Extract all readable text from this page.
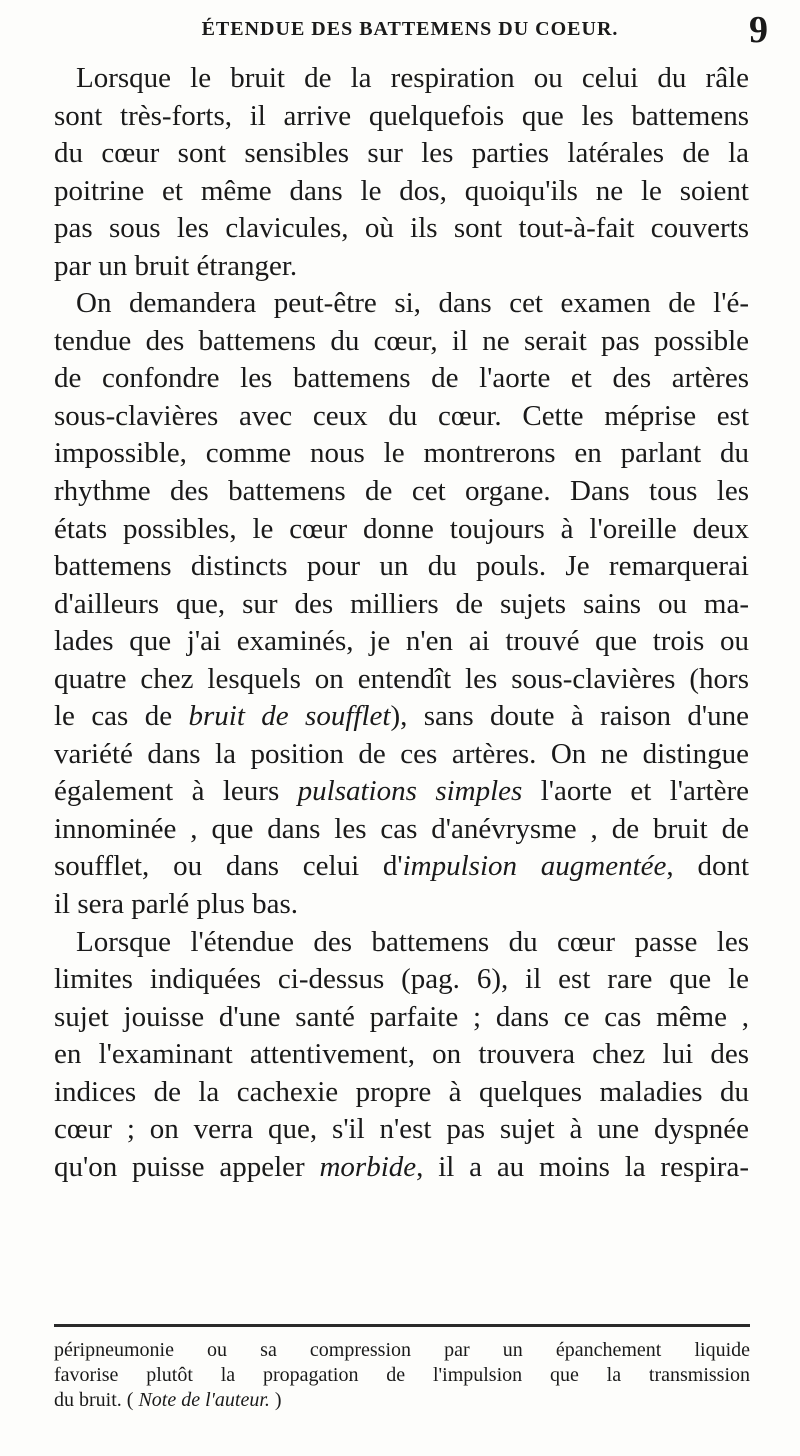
ÉTENDUE DES BATTEMENS DU COEUR.	9
Lorsque le bruit de la respiration ou celui du râle
sont très-forts, il arrive quelquefois que les battemens
du cœur sont sensibles sur les parties latérales de la
poitrine et même dans le dos, quoiqu'ils ne le soient
pas sous les clavicules, où ils sont tout-à-fait couverts
par un bruit étranger.
On demandera peut-être si, dans cet examen de l'é-
tendue des battemens du cœur, il ne serait pas possible
de confondre les battemens de l'aorte et des artères
sous-clavières avec ceux du cœur. Cette méprise est
impossible, comme nous le montrerons en parlant du
rhythme des battemens de cet organe. Dans tous les
états possibles, le cœur donne toujours à l'oreille deux
battemens distincts pour un du pouls. Je remarquerai
d'ailleurs que, sur des milliers de sujets sains ou ma-
lades que j'ai examinés, je n'en ai trouvé que trois ou
quatre chez lesquels on entendît les sous-clavières (hors
le cas de bruit de soufflet), sans doute à raison d'une
variété dans la position de ces artères. On ne distingue
également à leurs pulsations simples l'aorte et l'artère
innominée , que dans les cas d'anévrysme , de bruit de
soufflet, ou dans celui d'impulsion augmentée, dont
il sera parlé plus bas.
Lorsque l'étendue des battemens du cœur passe les
limites indiquées ci-dessus (pag. 6), il est rare que le
sujet jouisse d'une santé parfaite ; dans ce cas même ,
en l'examinant attentivement, on trouvera chez lui des
indices de la cachexie propre à quelques maladies du
cœur ; on verra que, s'il n'est pas sujet à une dyspnée
qu'on puisse appeler morbide, il a au moins la respira-
péripneumonie ou sa compression par un épanchement liquide
favorise plutôt la propagation de l'impulsion que la transmission
du bruit. ( Note de l'auteur. )
